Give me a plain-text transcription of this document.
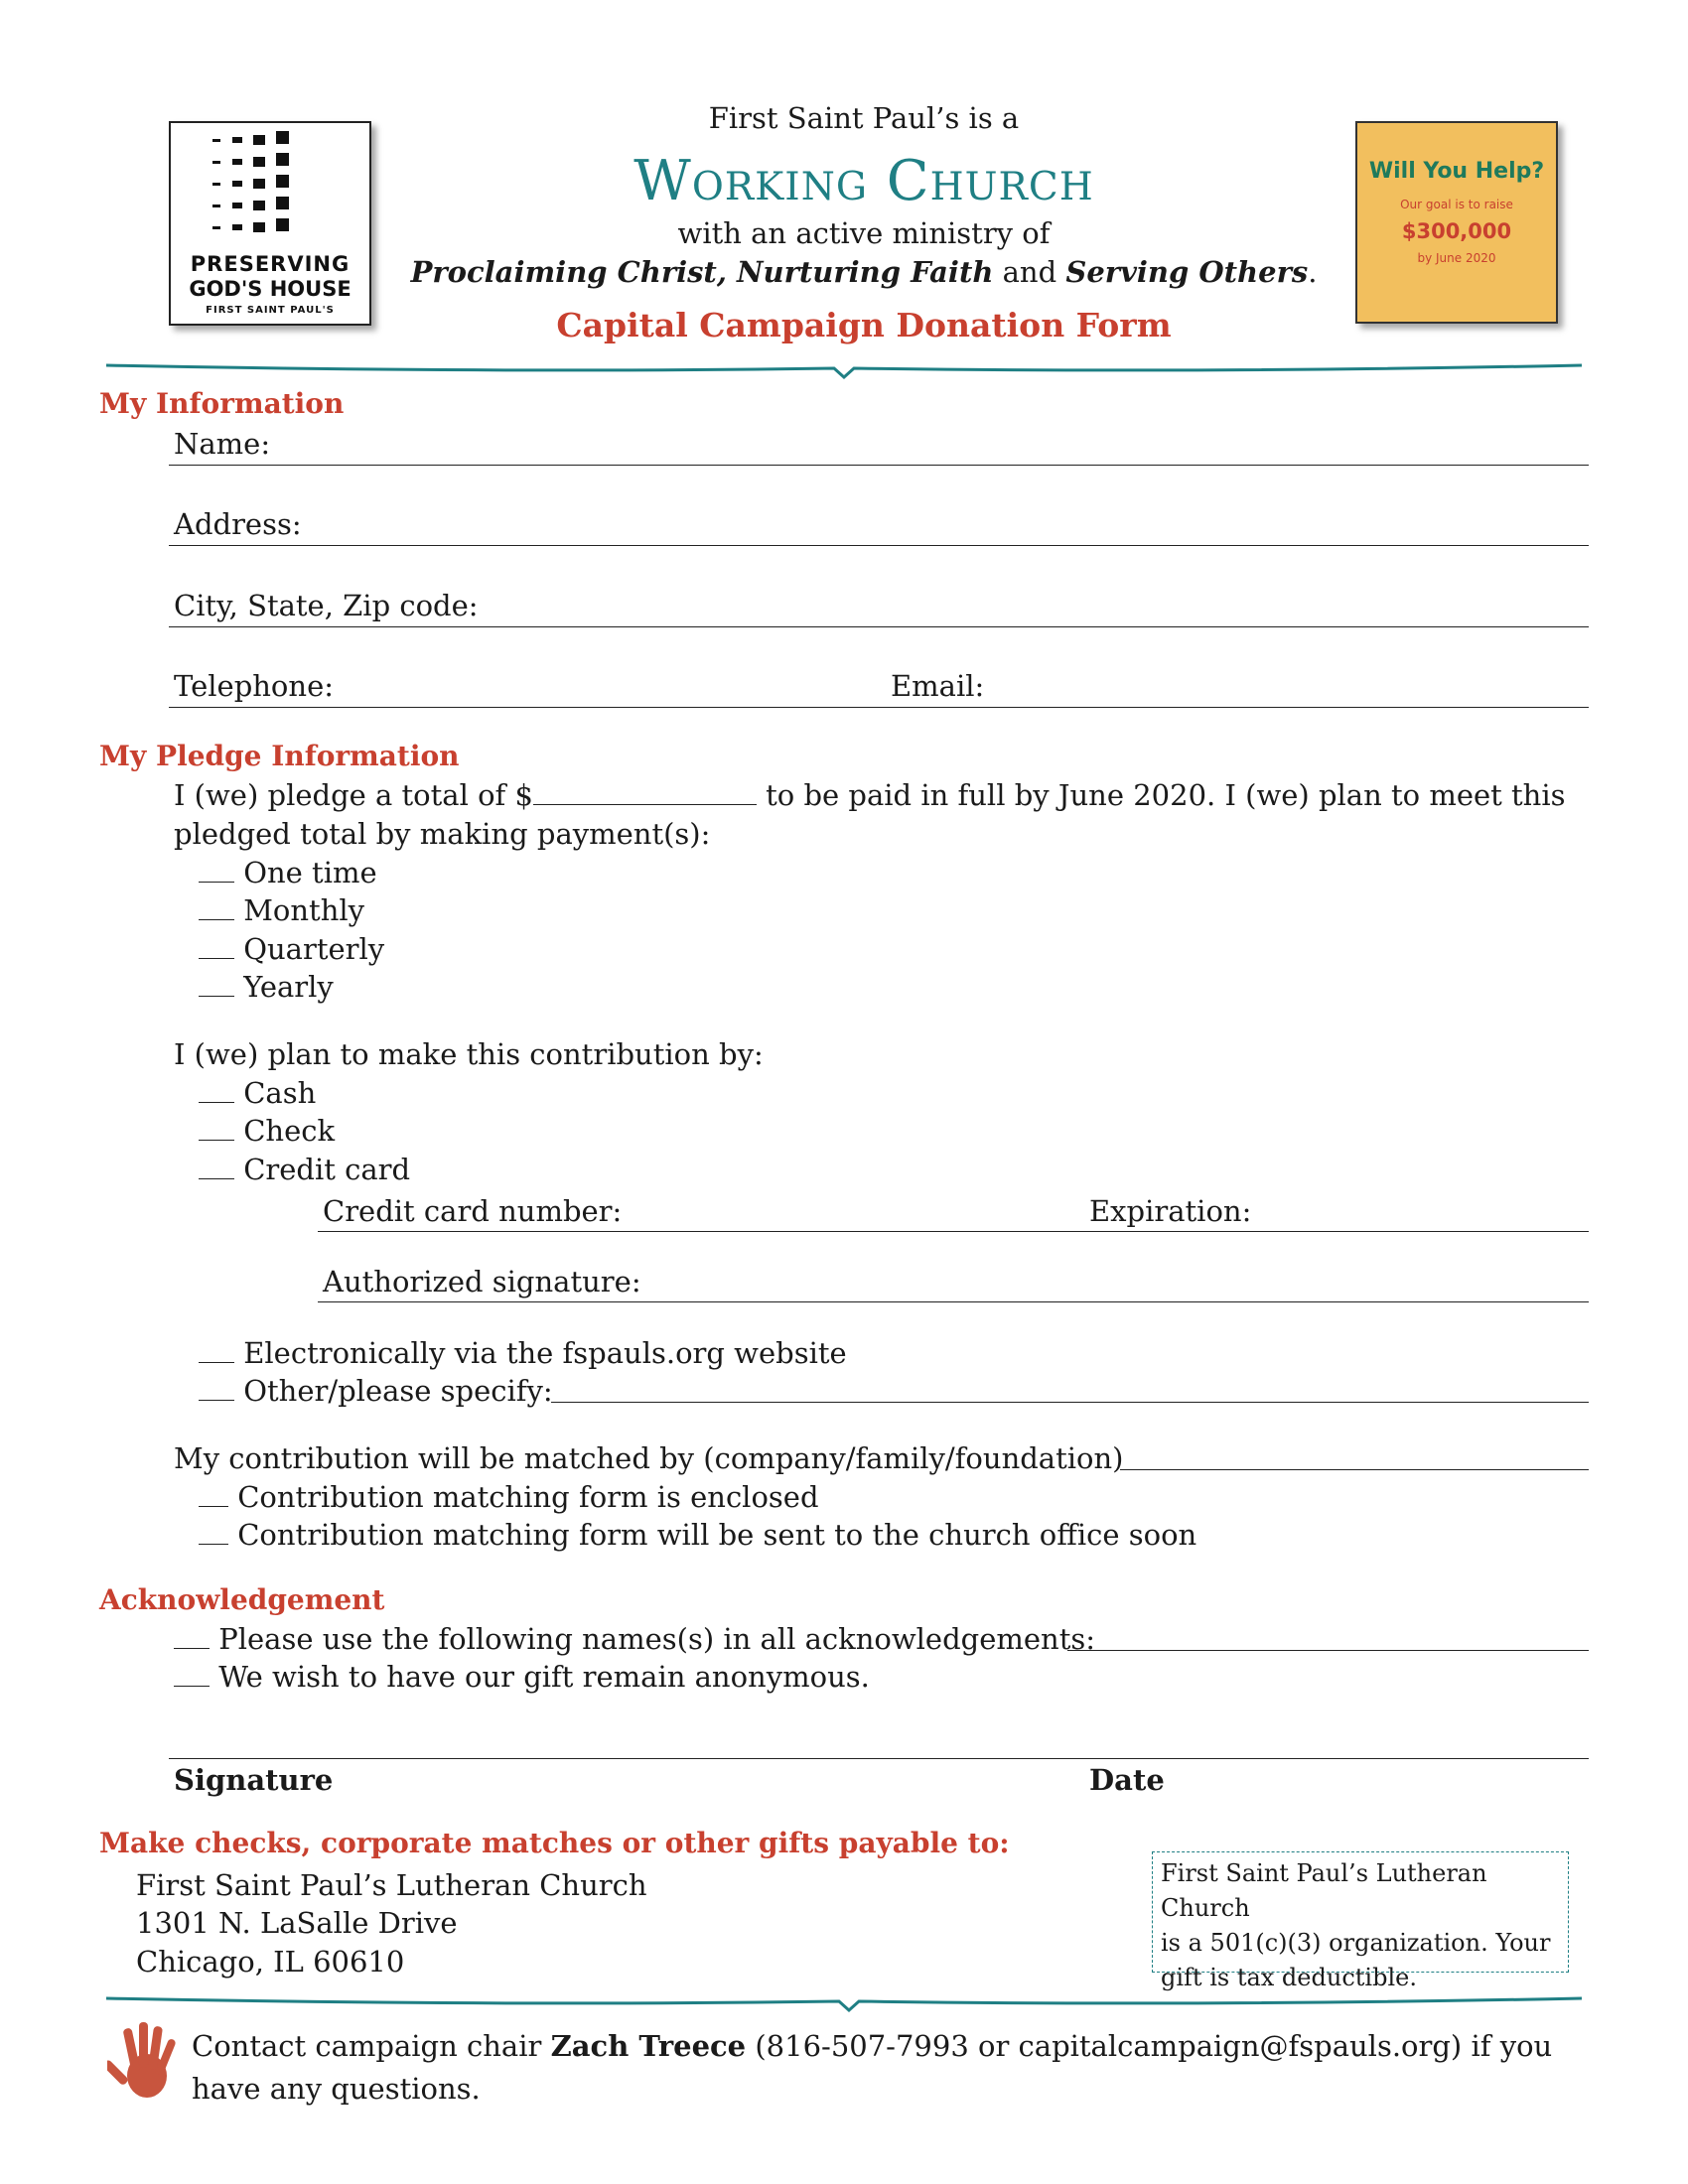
PRESERVING
GOD'S HOUSE
FIRST SAINT PAUL'S
First Saint Paul’s is a
Working Church
with an active ministry of
Proclaiming Christ, Nurturing Faith and Serving Others.
Capital Campaign Donation Form
Will You Help?
Our goal is to raise
$300,000
by June 2020
My Information
Name:
Address:
City, State, Zip code:
Telephone:	Email:
My Pledge Information
I (we) pledge a total of $	to be paid in full by June 2020. I (we) plan to meet this
pledged total by making payment(s):
One time
Monthly
Quarterly
Yearly
I (we) plan to make this contribution by:
Cash
Check
Credit card
Credit card number:	Expiration:
Authorized signature:
Electronically via the fspauls.org website
Other/please specify:
My contribution will be matched by (company/family/foundation)
Contribution matching form is enclosed
Contribution matching form will be sent to the church office soon
Acknowledgement
Please use the following names(s) in all acknowledgements:
We wish to have our gift remain anonymous.
Signature	Date
Make checks, corporate matches or other gifts payable to:
First Saint Paul’s Lutheran Church
1301 N. LaSalle Drive
Chicago, IL 60610
First Saint Paul’s Lutheran Church
is a 501(c)(3) organization. Your
gift is tax deductible.
Contact campaign chair Zach Treece (816-507-7993 or capitalcampaign@fspauls.org) if you
have any questions.
